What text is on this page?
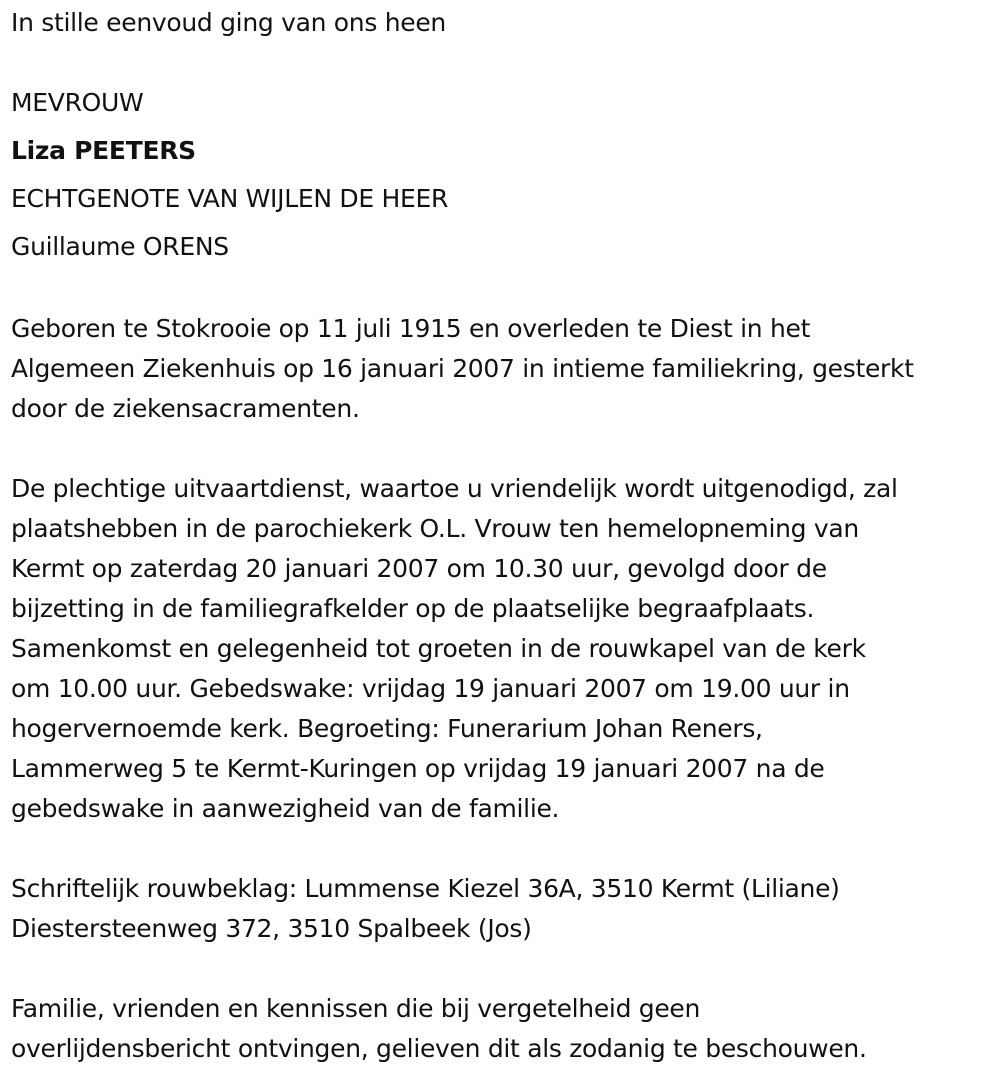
In stille eenvoud ging van ons heen
MEVROUW
Liza PEETERS
ECHTGENOTE VAN WIJLEN DE HEER
Guillaume ORENS
Geboren te Stokrooie op 11 juli 1915 en overleden te Diest in het
Algemeen Ziekenhuis op 16 januari 2007 in intieme familiekring, gesterkt
door de ziekensacramenten.
De plechtige uitvaartdienst, waartoe u vriendelijk wordt uitgenodigd, zal
plaatshebben in de parochiekerk O.L. Vrouw ten hemelopneming van
Kermt op zaterdag 20 januari 2007 om 10.30 uur, gevolgd door de
bijzetting in de familiegrafkelder op de plaatselijke begraafplaats.
Samenkomst en gelegenheid tot groeten in de rouwkapel van de kerk
om 10.00 uur. Gebedswake: vrijdag 19 januari 2007 om 19.00 uur in
hogervernoemde kerk. Begroeting: Funerarium Johan Reners,
Lammerweg 5 te Kermt-Kuringen op vrijdag 19 januari 2007 na de
gebedswake in aanwezigheid van de familie.
Schriftelijk rouwbeklag: Lummense Kiezel 36A, 3510 Kermt (Liliane)
Diestersteenweg 372, 3510 Spalbeek (Jos)
Familie, vrienden en kennissen die bij vergetelheid geen
overlijdensbericht ontvingen, gelieven dit als zodanig te beschouwen.
